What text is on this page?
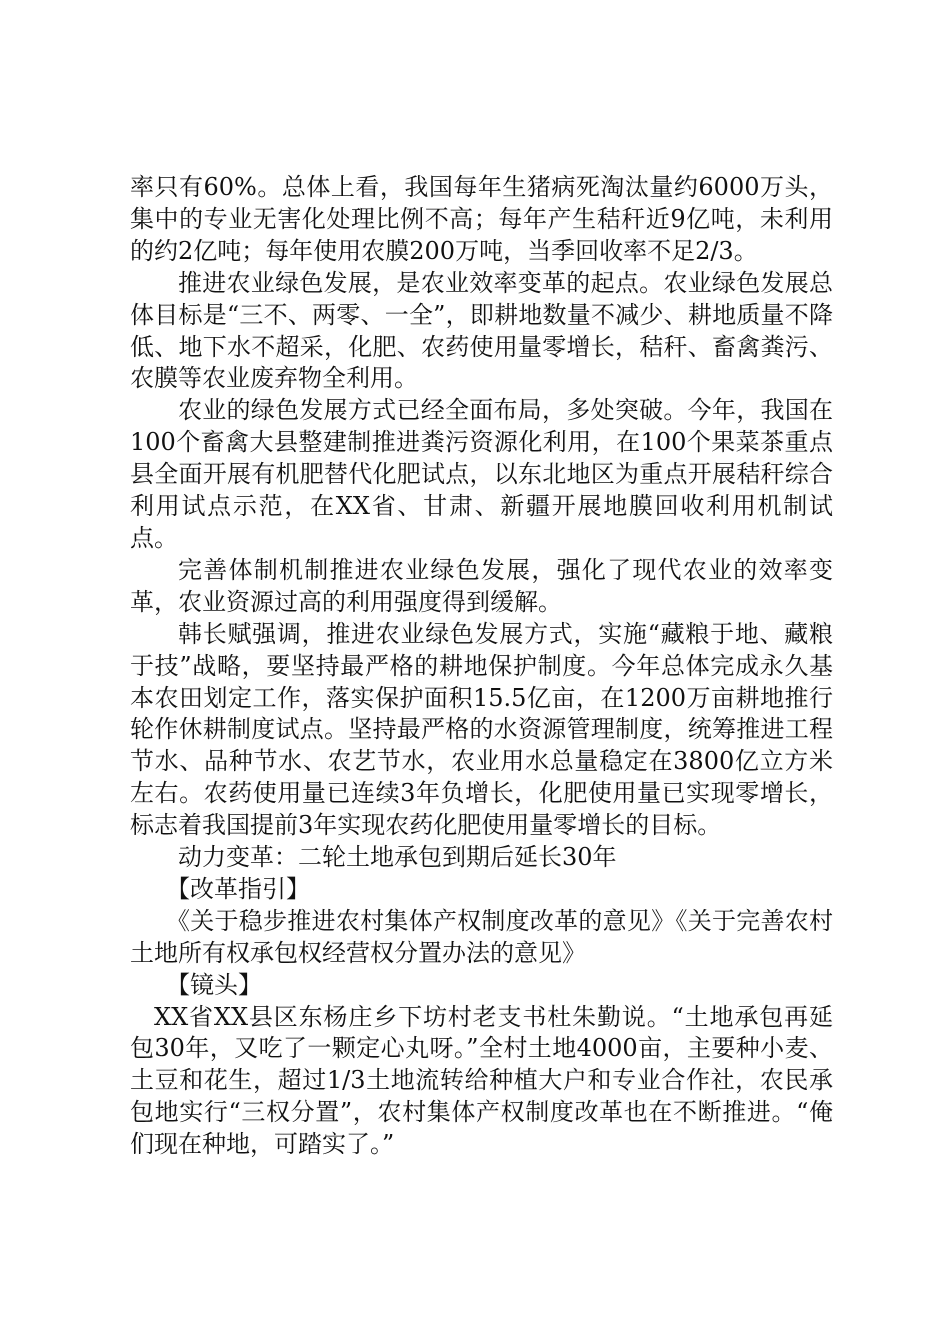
率只有60%。总体上看，我国每年生猪病死淘汰量约6000万头，集中的专业无害化处理比例不高；每年产生秸秆近9亿吨，未利用的约2亿吨；每年使用农膜200万吨，当季回收率不足2/3。

推进农业绿色发展，是农业效率变革的起点。农业绿色发展总体目标是“三不、两零、一全”，即耕地数量不减少、耕地质量不降低、地下水不超采，化肥、农药使用量零增长，秸秆、畜禽粪污、农膜等农业废弃物全利用。

农业的绿色发展方式已经全面布局，多处突破。今年，我国在100个畜禽大县整建制推进粪污资源化利用，在100个果菜茶重点县全面开展有机肥替代化肥试点，以东北地区为重点开展秸秆综合利用试点示范，在XX省、甘肃、新疆开展地膜回收利用机制试点。

完善体制机制推进农业绿色发展，强化了现代农业的效率变革，农业资源过高的利用强度得到缓解。

韩长赋强调，推进农业绿色发展方式，实施“藏粮于地、藏粮于技”战略，要坚持最严格的耕地保护制度。今年总体完成永久基本农田划定工作，落实保护面积15.5亿亩，在1200万亩耕地推行轮作休耕制度试点。坚持最严格的水资源管理制度，统筹推进工程节水、品种节水、农艺节水，农业用水总量稳定在3800亿立方米左右。农药使用量已连续3年负增长，化肥使用量已实现零增长，标志着我国提前3年实现农药化肥使用量零增长的目标。

动力变革：二轮土地承包到期后延长30年

【改革指引】

《关于稳步推进农村集体产权制度改革的意见》《关于完善农村土地所有权承包权经营权分置办法的意见》

【镜头】

XX省XX县区东杨庄乡下坊村老支书杜朱勤说。“土地承包再延包30年，又吃了一颗定心丸呀。”全村土地4000亩，主要种小麦、土豆和花生，超过1/3土地流转给种植大户和专业合作社，农民承包地实行“三权分置”，农村集体产权制度改革也在不断推进。“俺们现在种地，可踏实了。”
